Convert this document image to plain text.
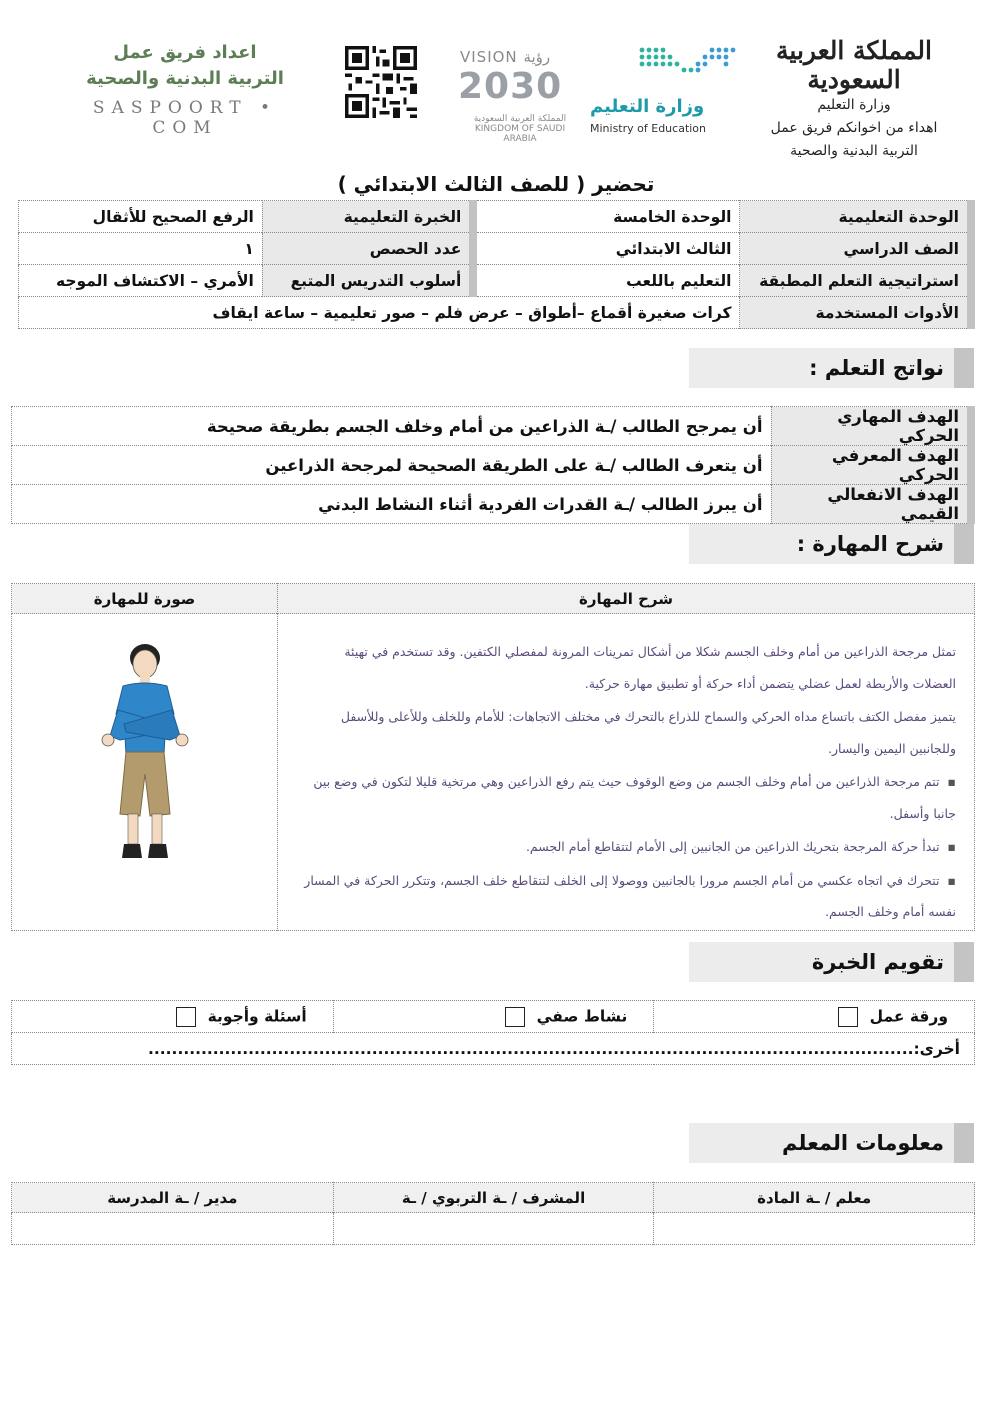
المملكة العربية السعودية
وزارة التعليم
اهداء من اخوانكم فريق عمل
التربية البدنية والصحية
وزارة التعليم
Ministry of Education
VISION رؤية
2030
المملكة العربية السعودية KINGDOM OF SAUDI ARABIA
اعداد فريق عمل
التربية البدنية والصحية
SASPOORT • COM
تحضير ( للصف الثالث الابتدائي )
الوحدة التعليمية	الوحدة الخامسة	الخبرة التعليمية	الرفع الصحيح للأثقال
الصف الدراسي	الثالث الابتدائي	عدد الحصص	١
استراتيجية التعلم المطبقة	التعليم باللعب	أسلوب التدريس المتبع	الأمري – الاكتشاف الموجه
الأدوات المستخدمة	كرات صغيرة أقماع –أطواق – عرض فلم – صور تعليمية – ساعة ايقاف		
نواتج التعلم :
الهدف المهاري الحركي	أن يمرجح الطالب /ـة الذراعين من أمام وخلف الجسم بطريقة صحيحة
الهدف المعرفي الحركي	أن يتعرف الطالب /ـة على الطريقة الصحيحة لمرجحة الذراعين
الهدف الانفعالي القيمي	أن يبرز الطالب /ـة القدرات الفردية أثناء النشاط البدني
شرح المهارة :
شرح المهارة	صورة للمهارة

تمثل مرجحة الذراعين من أمام وخلف الجسم شكلا من أشكال تمرينات المرونة لمفصلي الكتفين. وقد تستخدم في تهيئة العضلات والأربطة لعمل عضلي يتضمن أداء حركة أو تطبيق مهارة حركية.

يتميز مفصل الكتف باتساع مداه الحركي والسماح للذراع بالتحرك في مختلف الاتجاهات: للأمام وللخلف وللأعلى وللأسفل وللجانبين اليمين واليسار.

▪ تتم مرجحة الذراعين من أمام وخلف الجسم من وضع الوقوف حيث يتم رفع الذراعين وهي مرتخية قليلا لتكون في وضع بين جانبا وأسفل.

▪ تبدأ حركة المرجحة بتحريك الذراعين من الجانبين إلى الأمام لتتقاطع أمام الجسم.

▪ تتحرك في اتجاه عكسي من أمام الجسم مرورا بالجانبين ووصولا إلى الخلف لتتقاطع خلف الجسم، وتتكرر الحركة في المسار نفسه أمام وخلف الجسم.

تقويم الخبرة
ورقة عمل	نشاط صفي	أسئلة وأجوبة
أخرى:..................................................................................................................................
معلومات المعلم
معلم / ـة المادة	المشرف / ـة التربوي / ـة	مدير / ـة المدرسة
